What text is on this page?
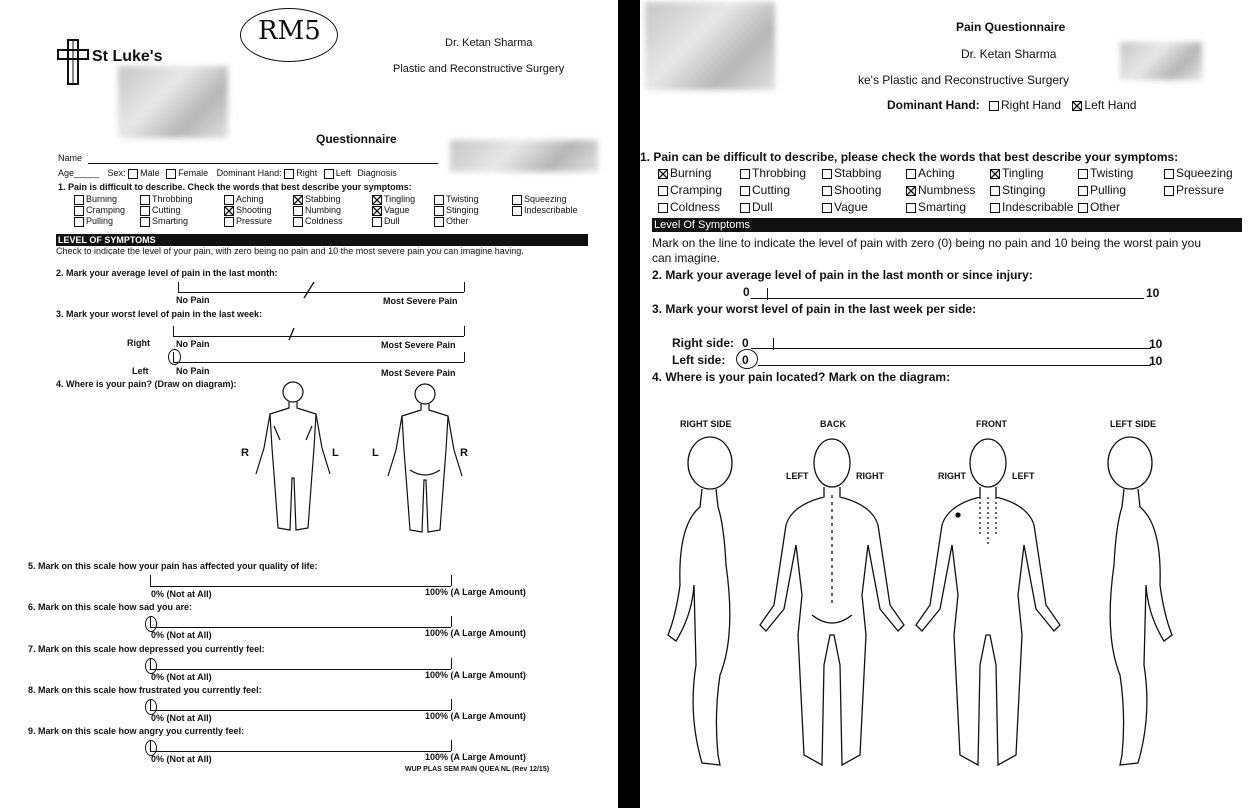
RM5
St Luke's
Dr. Ketan Sharma
Plastic and Reconstructive Surgery
Questionnaire
Name
Age_____ Sex: Male Female Dominant Hand: Right Left Diagnosis
1. Pain is difficult to describe. Check the words that best describe your symptoms:
Burning	Throbbing	Aching	Stabbing	Tingling	Twisting	Squeezing
Cramping	Cutting	Shooting	Numbing	Vague	Stinging	Indescribable
Pulling	Smarting	Pressure	Coldness	Dull	Other
LEVEL OF SYMPTOMS
Check to indicate the level of your pain, with zero being no pain and 10 the most severe pain you can imagine having.
2. Mark your average level of pain in the last month:
No Pain	Most Severe Pain
3. Mark your worst level of pain in the last week:
Right	No Pain	Most Severe Pain
Left	No Pain	Most Severe Pain
4. Where is your pain? (Draw on diagram):
R	L	L	R
5. Mark on this scale how your pain has affected your quality of life:
0% (Not at All)	100% (A Large Amount)
6. Mark on this scale how sad you are:
0% (Not at All)	100% (A Large Amount)
7. Mark on this scale how depressed you currently feel:
0% (Not at All)	100% (A Large Amount)
8. Mark on this scale how frustrated you currently feel:
0% (Not at All)	100% (A Large Amount)
9. Mark on this scale how angry you currently feel:
0% (Not at All)	100% (A Large Amount)
WUP PLAS SEM PAIN QUEA NL (Rev 12/15)
Pain Questionnaire
Dr. Ketan Sharma
ke's Plastic and Reconstructive Surgery
Dominant Hand: Right Hand Left Hand
1. Pain can be difficult to describe, please check the words that best describe your symptoms:
Burning	Throbbing	Stabbing	Aching	Tingling	Twisting	Squeezing
Cramping	Cutting	Shooting	Numbness	Stinging	Pulling	Pressure
Coldness	Dull	Vague	Smarting	Indescribable	Other
Level Of Symptoms
Mark on the line to indicate the level of pain with zero (0) being no pain and 10 being the worst pain you
can imagine.
2. Mark your average level of pain in the last month or since injury:
0	10
3. Mark your worst level of pain in the last week per side:
Right side: 0	10
Left side: 0	10
4. Where is your pain located? Mark on the diagram:
RIGHT SIDE	BACK	FRONT	LEFT SIDE
LEFT	RIGHT	RIGHT	LEFT
